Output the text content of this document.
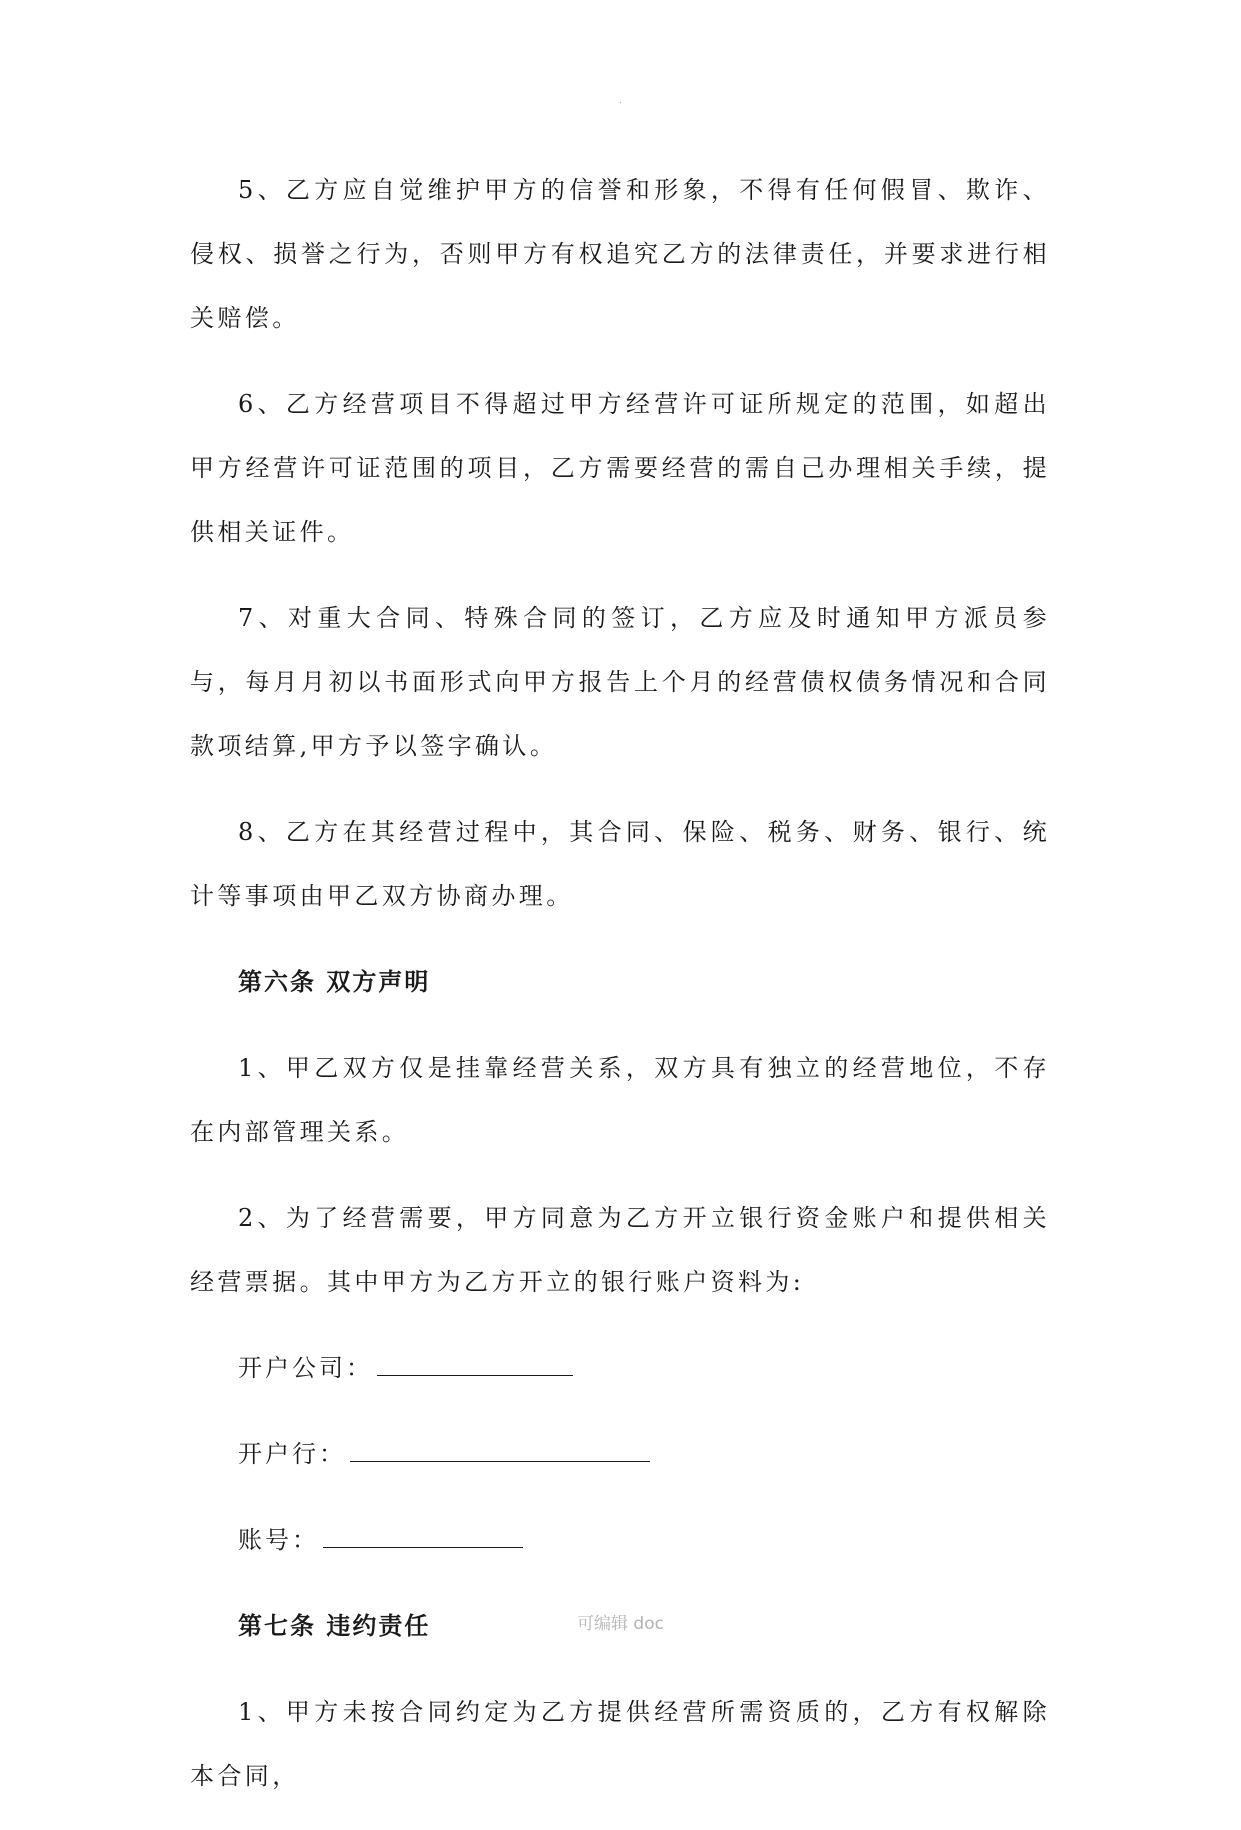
.

5、乙方应自觉维护甲方的信誉和形象，不得有任何假冒、欺诈、侵权、损誉之行为，否则甲方有权追究乙方的法律责任，并要求进行相关赔偿。

6、乙方经营项目不得超过甲方经营许可证所规定的范围，如超出甲方经营许可证范围的项目，乙方需要经营的需自己办理相关手续，提供相关证件。

7、对重大合同、特殊合同的签订，乙方应及时通知甲方派员参与，每月月初以书面形式向甲方报告上个月的经营债权债务情况和合同款项结算,甲方予以签字确认。

8、乙方在其经营过程中，其合同、保险、税务、财务、银行、统计等事项由甲乙双方协商办理。

第六条 双方声明

1、甲乙双方仅是挂靠经营关系，双方具有独立的经营地位，不存在内部管理关系。

2、为了经营需要，甲方同意为乙方开立银行资金账户和提供相关经营票据。其中甲方为乙方开立的银行账户资料为:

开户公司：
开户行：
账号：
第七条 违约责任

1、甲方未按合同约定为乙方提供经营所需资质的，乙方有权解除本合同，

可编辑 doc
